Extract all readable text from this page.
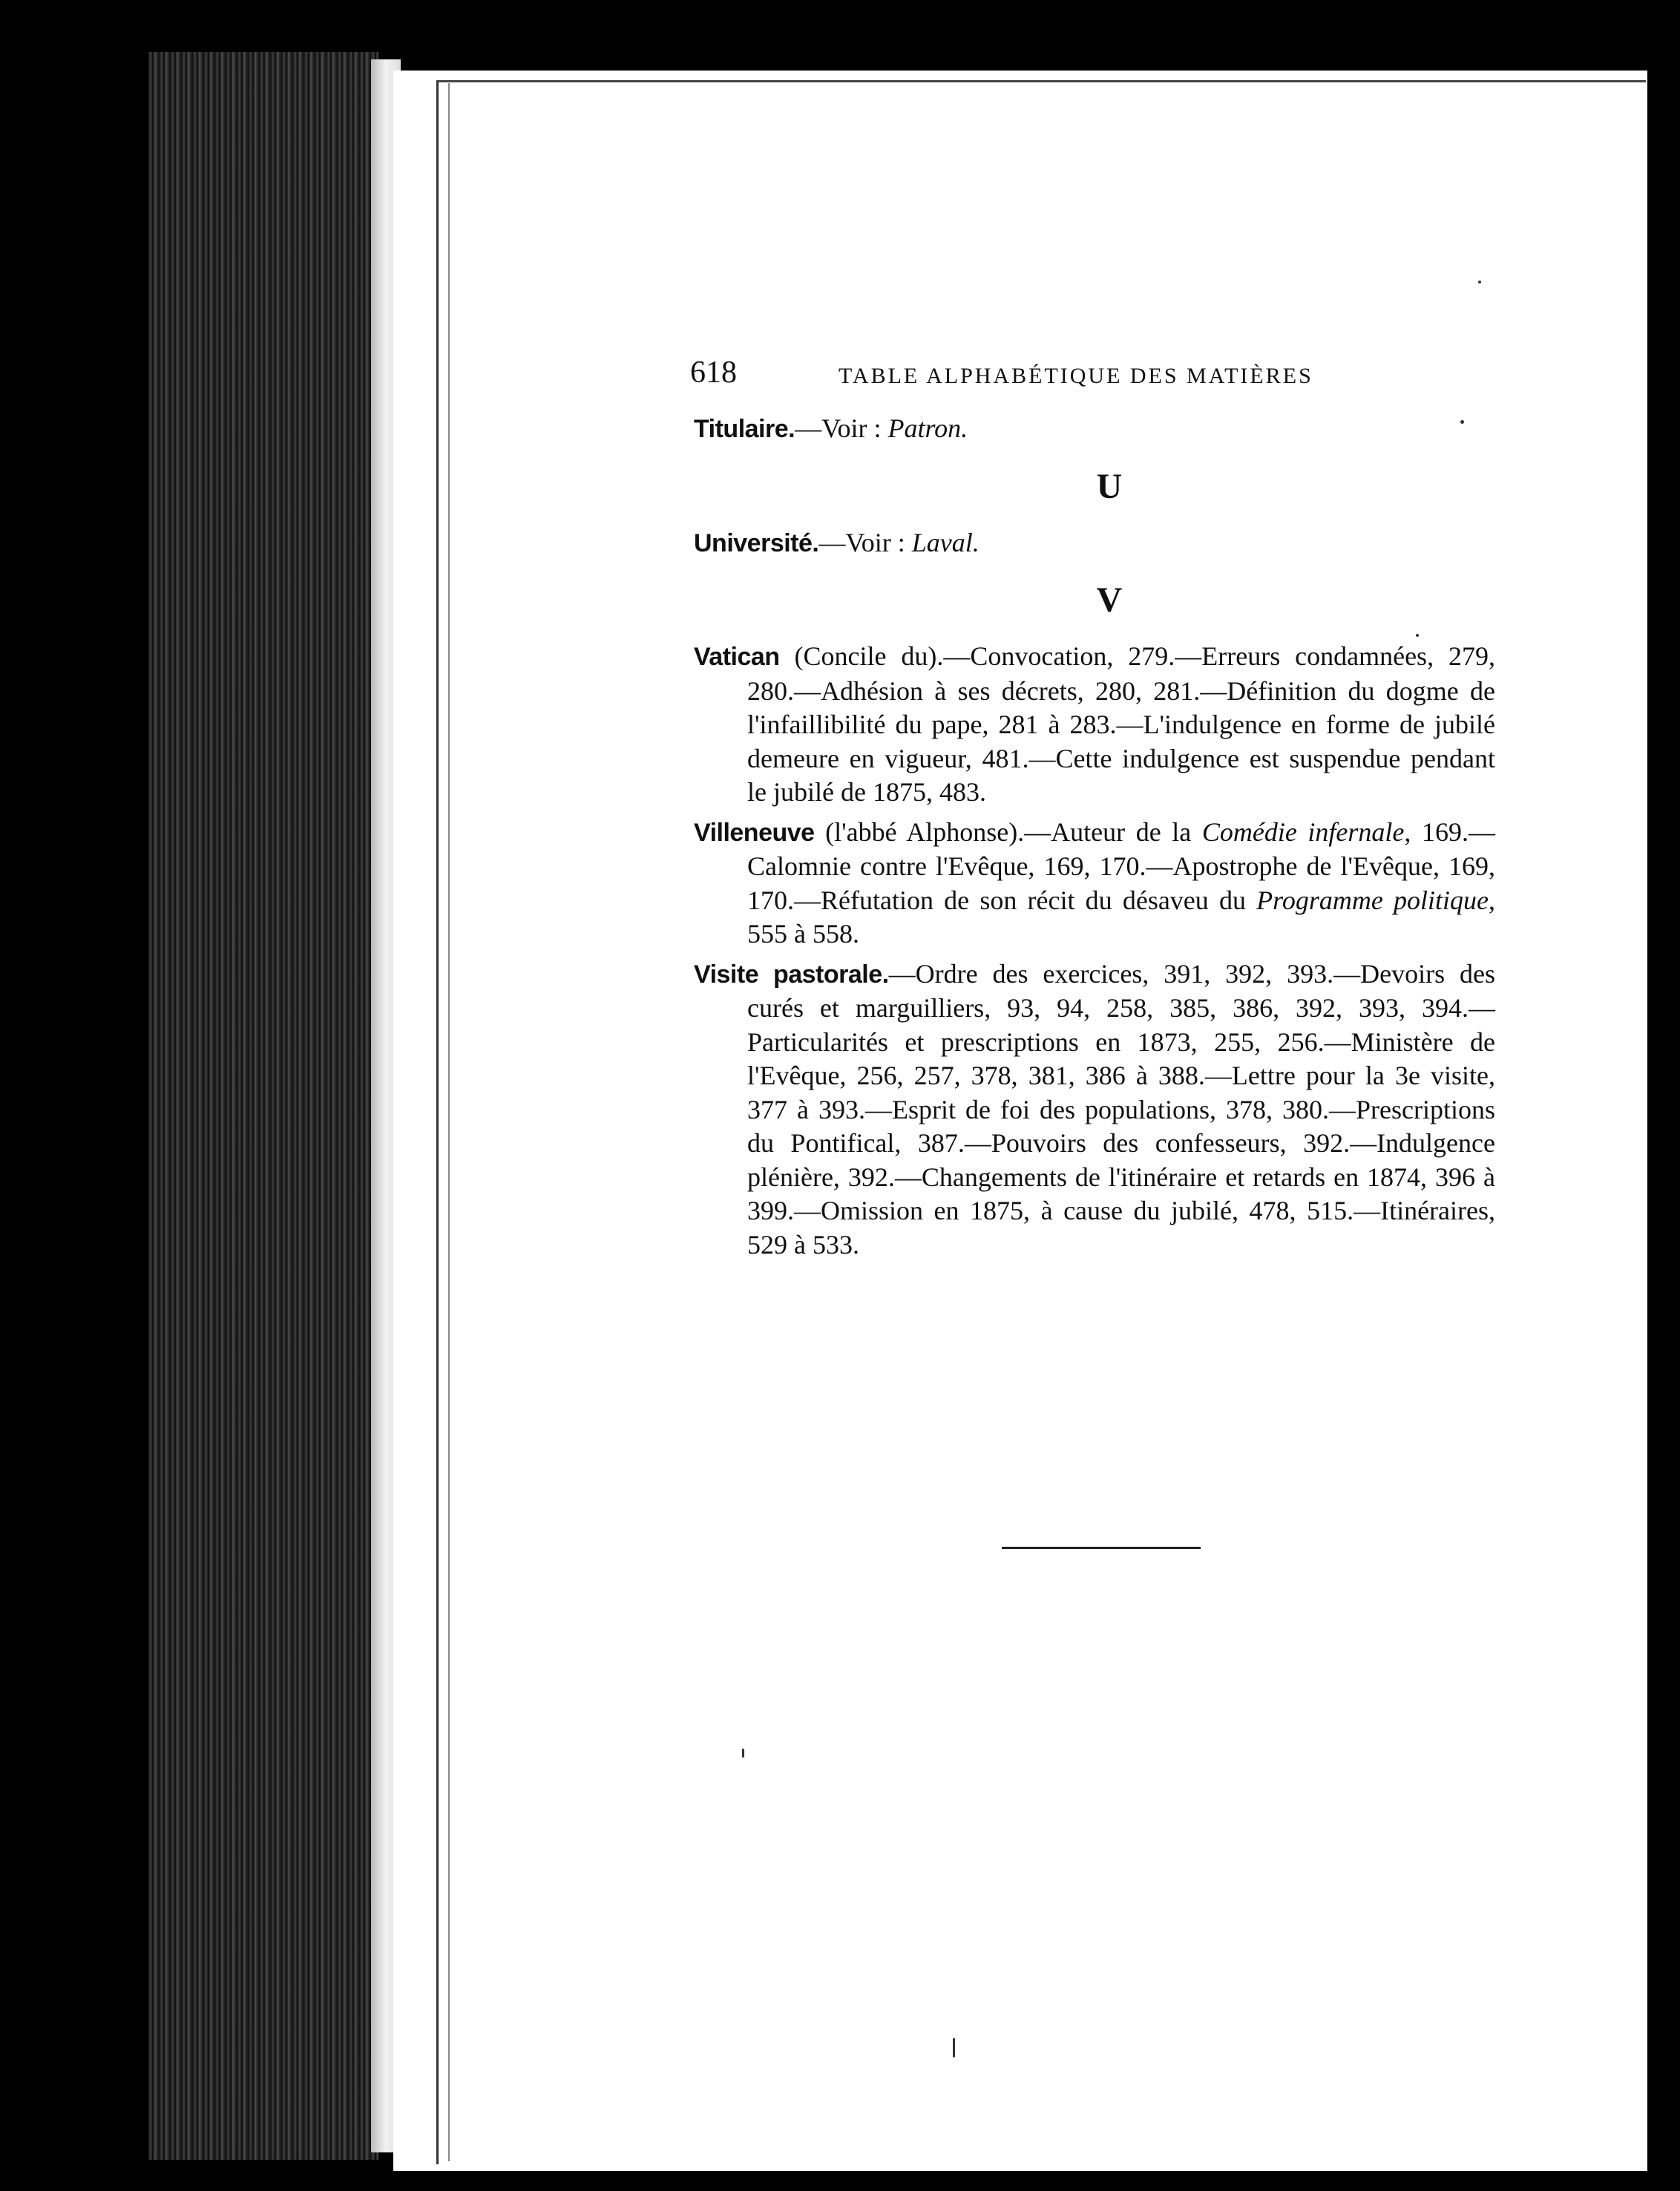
618	TABLE ALPHABÉTIQUE DES MATIÈRES

Titulaire.—Voir : Patron.

U

Université.—Voir : Laval.

V

Vatican (Concile du).—Convocation, 279.—Erreurs condamnées, 279, 280.—Adhésion à ses décrets, 280, 281.—Définition du dogme de l'infaillibilité du pape, 281 à 283.—L'indulgence en forme de jubilé demeure en vigueur, 481.—Cette indulgence est suspendue pendant le jubilé de 1875, 483.

Villeneuve (l'abbé Alphonse).—Auteur de la Comédie infernale, 169.—Calomnie contre l'Evêque, 169, 170.—Apostrophe de l'Evêque, 169, 170.—Réfutation de son récit du désaveu du Programme politique, 555 à 558.

Visite pastorale.—Ordre des exercices, 391, 392, 393.—Devoirs des curés et marguilliers, 93, 94, 258, 385, 386, 392, 393, 394.—Particularités et prescriptions en 1873, 255, 256.—Ministère de l'Evêque, 256, 257, 378, 381, 386 à 388.—Lettre pour la 3e visite, 377 à 393.—Esprit de foi des populations, 378, 380.—Prescriptions du Pontifical, 387.—Pouvoirs des confesseurs, 392.—Indulgence plénière, 392.—Changements de l'itinéraire et retards en 1874, 396 à 399.—Omission en 1875, à cause du jubilé, 478, 515.—Itinéraires, 529 à 533.
